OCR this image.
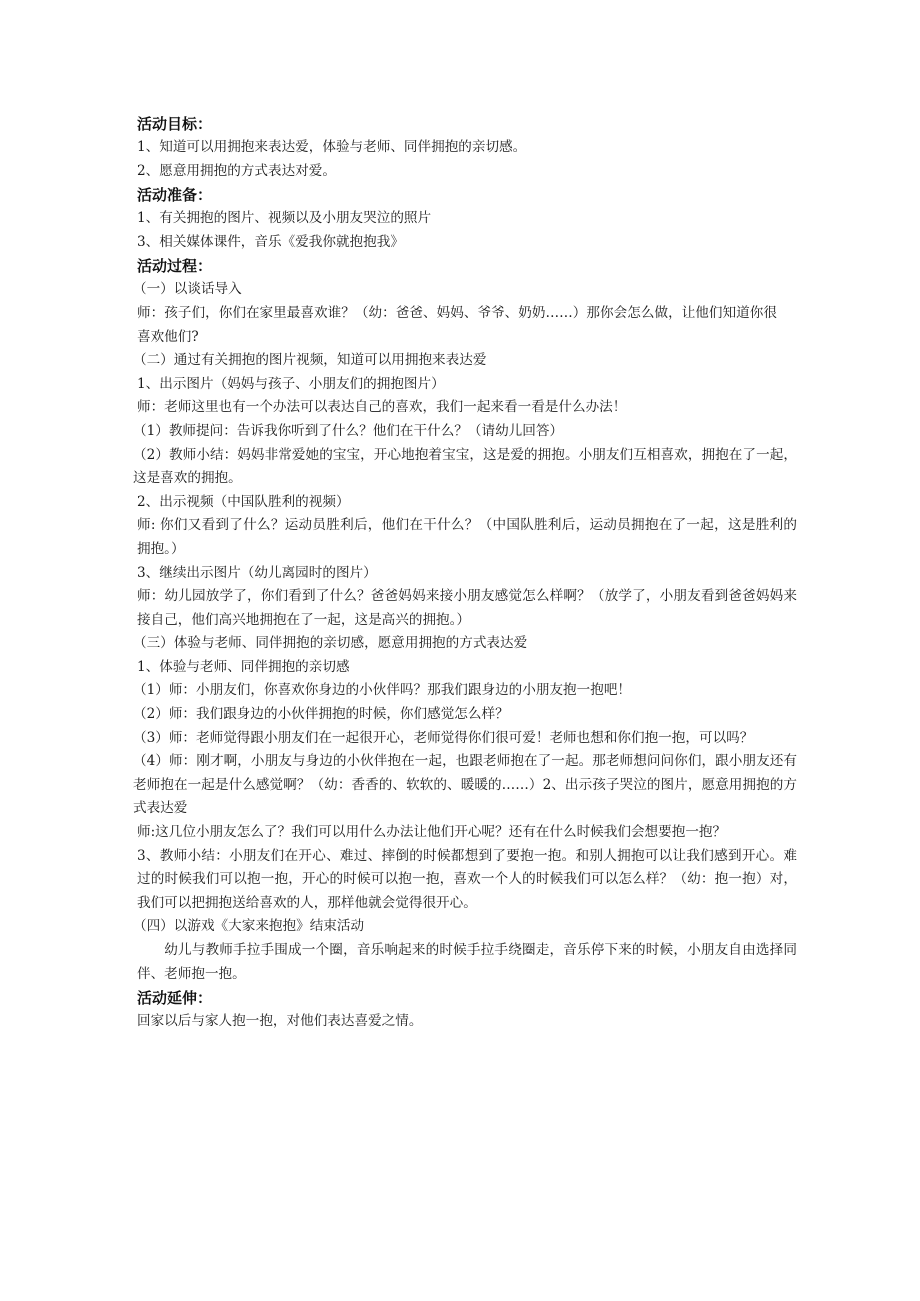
活动目标：
1、知道可以用拥抱来表达爱，体验与老师、同伴拥抱的亲切感。
2、愿意用拥抱的方式表达对爱。
活动准备：
1、有关拥抱的图片、视频以及小朋友哭泣的照片
3、相关媒体课件，音乐《爱我你就抱抱我》
活动过程：
（一）以谈话导入
师：孩子们，你们在家里最喜欢谁？（幼：爸爸、妈妈、爷爷、奶奶……）那你会怎么做，让他们知道你很喜欢他们?
（二）通过有关拥抱的图片视频，知道可以用拥抱来表达爱
1、出示图片（妈妈与孩子、小朋友们的拥抱图片）
师：老师这里也有一个办法可以表达自己的喜欢，我们一起来看一看是什么办法！
（1）教师提问：告诉我你听到了什么？他们在干什么？（请幼儿回答）
（2）教师小结：妈妈非常爱她的宝宝，开心地抱着宝宝，这是爱的拥抱。小朋友们互相喜欢，拥抱在了一起，这是喜欢的拥抱。
2、出示视频（中国队胜利的视频）
师: 你们又看到了什么？运动员胜利后，他们在干什么？（中国队胜利后，运动员拥抱在了一起，这是胜利的拥抱。）
3、继续出示图片（幼儿离园时的图片）
师：幼儿园放学了，你们看到了什么？爸爸妈妈来接小朋友感觉怎么样啊？（放学了，小朋友看到爸爸妈妈来接自己，他们高兴地拥抱在了一起，这是高兴的拥抱。）
（三）体验与老师、同伴拥抱的亲切感，愿意用拥抱的方式表达爱
1、体验与老师、同伴拥抱的亲切感
（1）师：小朋友们，你喜欢你身边的小伙伴吗？那我们跟身边的小朋友抱一抱吧！
（2）师：我们跟身边的小伙伴拥抱的时候，你们感觉怎么样？
（3）师：老师觉得跟小朋友们在一起很开心，老师觉得你们很可爱！老师也想和你们抱一抱，可以吗？
（4）师：刚才啊，小朋友与身边的小伙伴抱在一起，也跟老师抱在了一起。那老师想问问你们，跟小朋友还有老师抱在一起是什么感觉啊？（幼：香香的、软软的、暖暖的……）2、出示孩子哭泣的图片，愿意用拥抱的方式表达爱
师:这几位小朋友怎么了？我们可以用什么办法让他们开心呢？还有在什么时候我们会想要抱一抱？
3、教师小结：小朋友们在开心、难过、摔倒的时候都想到了要抱一抱。和别人拥抱可以让我们感到开心。难过的时候我们可以抱一抱，开心的时候可以抱一抱，喜欢一个人的时候我们可以怎么样？（幼：抱一抱）对，我们可以把拥抱送给喜欢的人，那样他就会觉得很开心。
（四）以游戏《大家来抱抱》结束活动
幼儿与教师手拉手围成一个圈，音乐响起来的时候手拉手绕圈走，音乐停下来的时候，小朋友自由选择同伴、老师抱一抱。
活动延伸：
回家以后与家人抱一抱，对他们表达喜爱之情。
